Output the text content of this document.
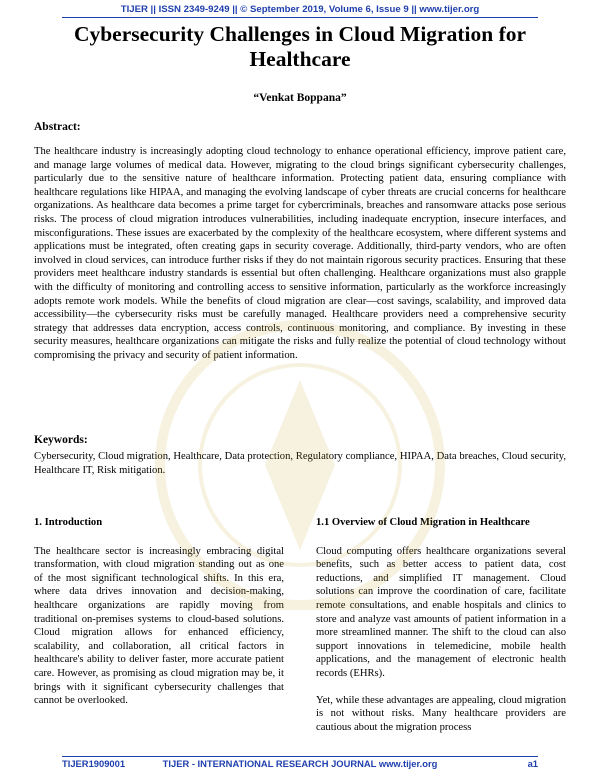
TIJER || ISSN 2349-9249 || © September 2019, Volume 6, Issue 9 || www.tijer.org
Cybersecurity Challenges in Cloud Migration for Healthcare
“Venkat Boppana”
Abstract:

The healthcare industry is increasingly adopting cloud technology to enhance operational efficiency, improve patient care, and manage large volumes of medical data. However, migrating to the cloud brings significant cybersecurity challenges, particularly due to the sensitive nature of healthcare information. Protecting patient data, ensuring compliance with healthcare regulations like HIPAA, and managing the evolving landscape of cyber threats are crucial concerns for healthcare organizations. As healthcare data becomes a prime target for cybercriminals, breaches and ransomware attacks pose serious risks. The process of cloud migration introduces vulnerabilities, including inadequate encryption, insecure interfaces, and misconfigurations. These issues are exacerbated by the complexity of the healthcare ecosystem, where different systems and applications must be integrated, often creating gaps in security coverage. Additionally, third-party vendors, who are often involved in cloud services, can introduce further risks if they do not maintain rigorous security practices. Ensuring that these providers meet healthcare industry standards is essential but often challenging. Healthcare organizations must also grapple with the difficulty of monitoring and controlling access to sensitive information, particularly as the workforce increasingly adopts remote work models. While the benefits of cloud migration are clear—cost savings, scalability, and improved data accessibility—the cybersecurity risks must be carefully managed. Healthcare providers need a comprehensive security strategy that addresses data encryption, access controls, continuous monitoring, and compliance. By investing in these security measures, healthcare organizations can mitigate the risks and fully realize the potential of cloud technology without compromising the privacy and security of patient information.

Keywords:

Cybersecurity, Cloud migration, Healthcare, Data protection, Regulatory compliance, HIPAA, Data breaches, Cloud security, Healthcare IT, Risk mitigation.

1. Introduction

The healthcare sector is increasingly embracing digital transformation, with cloud migration standing out as one of the most significant technological shifts. In this era, where data drives innovation and decision-making, healthcare organizations are rapidly moving from traditional on-premises systems to cloud-based solutions. Cloud migration allows for enhanced efficiency, scalability, and collaboration, all critical factors in healthcare's ability to deliver faster, more accurate patient care. However, as promising as cloud migration may be, it brings with it significant cybersecurity challenges that cannot be overlooked.

1.1 Overview of Cloud Migration in Healthcare

Cloud computing offers healthcare organizations several benefits, such as better access to patient data, cost reductions, and simplified IT management. Cloud solutions can improve the coordination of care, facilitate remote consultations, and enable hospitals and clinics to store and analyze vast amounts of patient information in a more streamlined manner. The shift to the cloud can also support innovations in telemedicine, mobile health applications, and the management of electronic health records (EHRs).

Yet, while these advantages are appealing, cloud migration is not without risks. Many healthcare providers are cautious about the migration process

TIJER1909001	TIJER - INTERNATIONAL RESEARCH JOURNAL www.tijer.org	a1
